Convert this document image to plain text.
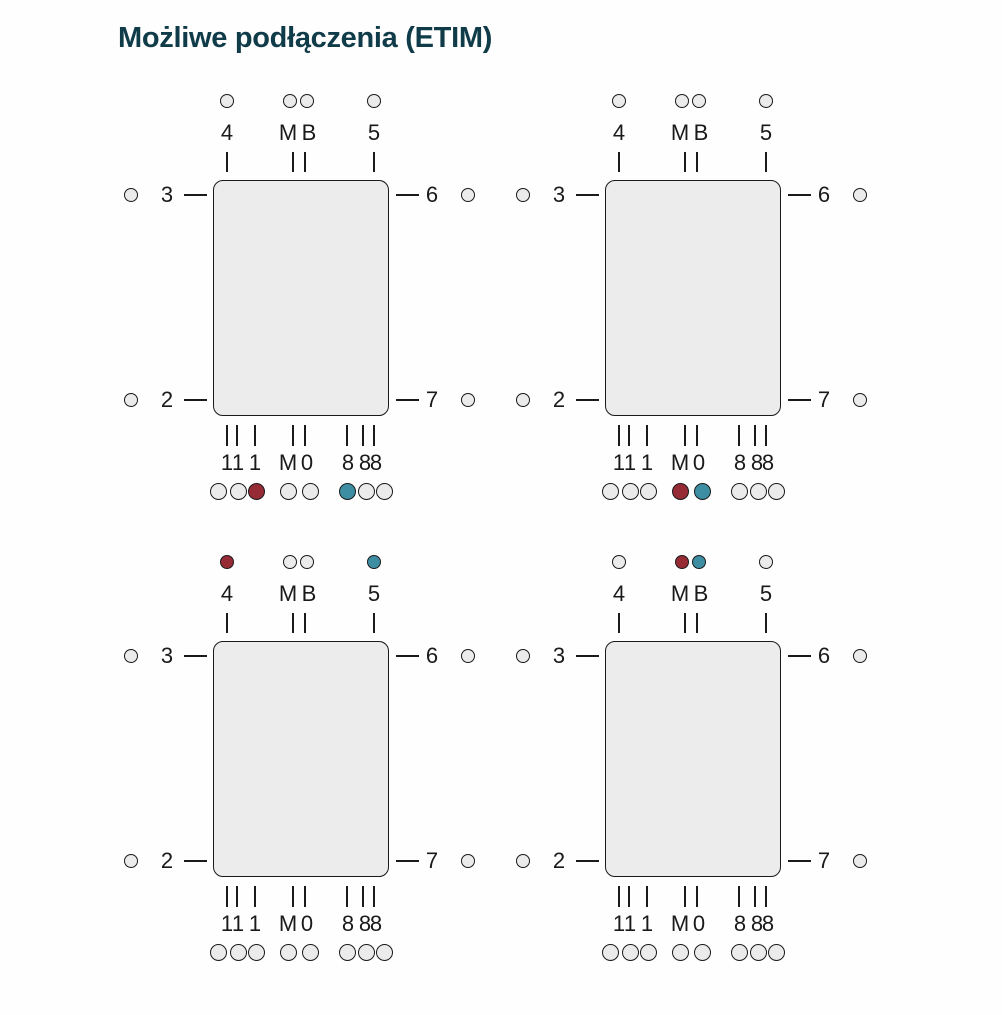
Możliwe podłączenia (ETIM)
4 M B 5
3
2
6
7
1
1 1 M 0 8 8
8
4 M B 5
3
2
6
7
1
1 1 M 0 8 8
8
4 M B 5
3
2
6
7
1
1 1 M 0 8 8
8
4 M B 5
3
2
6
7
1
1 1 M 0 8 8
8
